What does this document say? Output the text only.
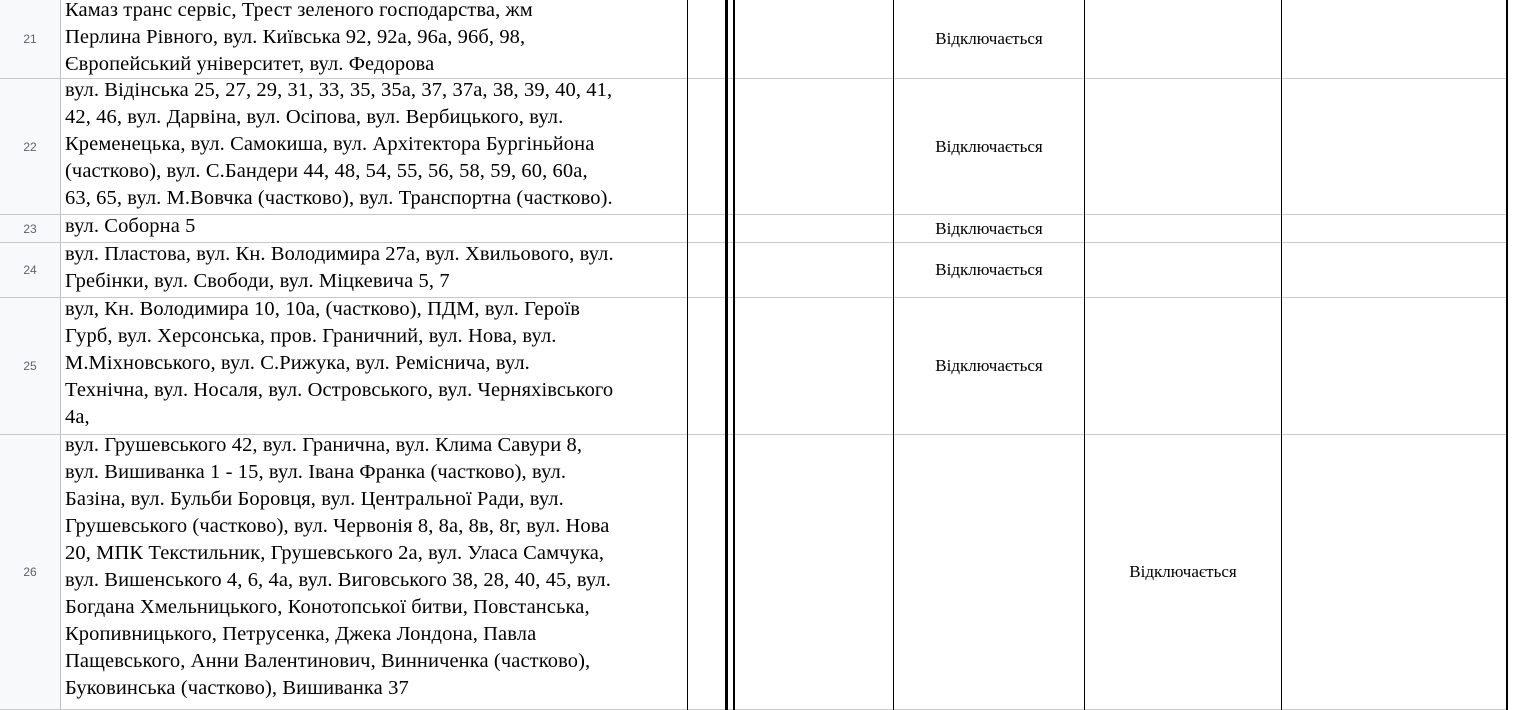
21
Камаз транс сервіс, Трест зеленого господарства, жм
Перлина Рівного, вул. Київська 92, 92а, 96а, 96б, 98,
Європейський університет, вул. Федорова
Відключається
22
вул. Відінська 25, 27, 29, 31, 33, 35, 35а, 37, 37а, 38, 39, 40, 41,
42, 46, вул. Дарвіна, вул. Осіпова, вул. Вербицького, вул.
Кременецька, вул. Самокиша, вул. Архітектора Бургіньйона
(частково), вул. С.Бандери 44, 48, 54, 55, 56, 58, 59, 60, 60а,
63, 65, вул. М.Вовчка (частково), вул. Транспортна (частково).
Відключається
23	вул. Соборна 5	Відключається
24
вул. Пластова, вул. Кн. Володимира 27а, вул. Хвильового, вул.
Гребінки, вул. Свободи, вул. Міцкевича 5, 7
Відключається
25
вул, Кн. Володимира 10, 10а, (частково), ПДМ, вул. Героїв
Гурб, вул. Херсонська, пров. Граничний, вул. Нова, вул.
М.Міхновського, вул. С.Рижука, вул. Реміснича, вул.
Технічна, вул. Носаля, вул. Островського, вул. Черняхівського
4а,
Відключається
26
вул. Грушевського 42, вул. Гранична, вул. Клима Савури 8,
вул. Вишиванка 1 - 15, вул. Івана Франка (частково), вул.
Базіна, вул. Бульби Боровця, вул. Центральної Ради, вул.
Грушевського (частково), вул. Червонія 8, 8а, 8в, 8г, вул. Нова
20, МПК Текстильник, Грушевського 2а, вул. Уласа Самчука,
вул. Вишенського 4, 6, 4а, вул. Виговського 38, 28, 40, 45, вул.
Богдана Хмельницького, Конотопської битви, Повстанська,
Кропивницького, Петрусенка, Джека Лондона, Павла
Пащевського, Анни Валентинович, Винниченка (частково),
Буковинська (частково), Вишиванка 37
Відключається
